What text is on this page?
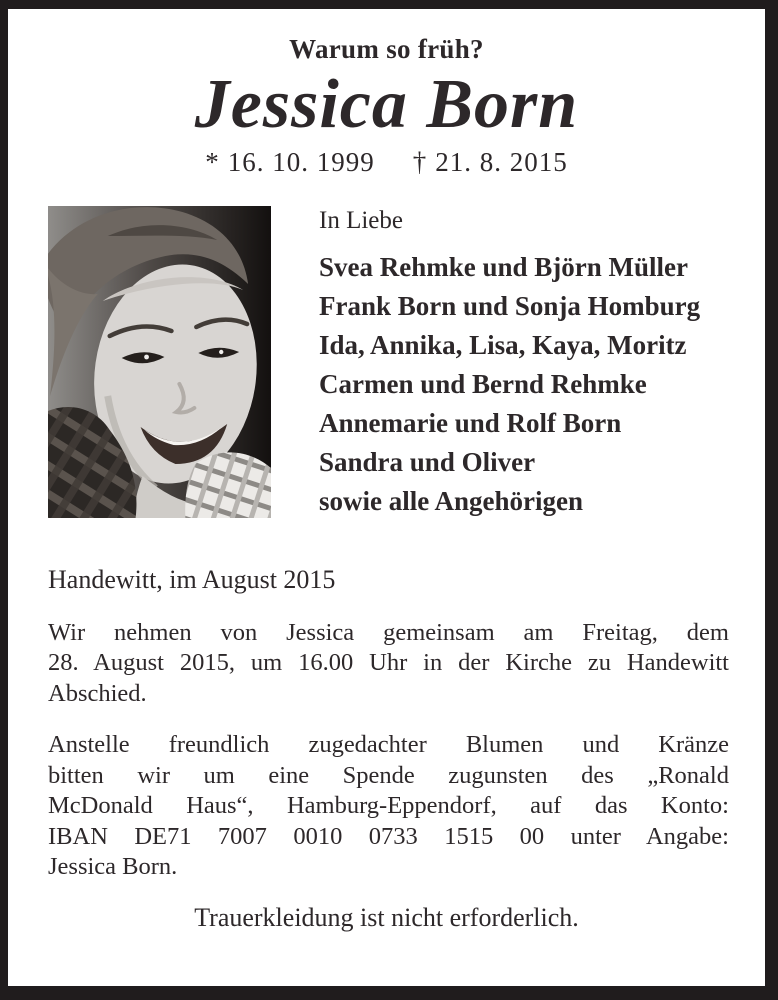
Warum so früh?
Jessica Born
* 16. 10. 1999 † 21. 8. 2015
In Liebe
Svea Rehmke und Björn Müller
Frank Born und Sonja Homburg
Ida, Annika, Lisa, Kaya, Moritz
Carmen und Bernd Rehmke
Annemarie und Rolf Born
Sandra und Oliver
sowie alle Angehörigen
Handewitt, im August 2015
Wir nehmen von Jessica gemeinsam am Freitag, dem
28. August 2015, um 16.00 Uhr in der Kirche zu Handewitt
Abschied.
Anstelle freundlich zugedachter Blumen und Kränze
bitten wir um eine Spende zugunsten des „Ronald
McDonald Haus“, Hamburg-Eppendorf, auf das Konto:
IBAN DE71 7007 0010 0733 1515 00 unter Angabe:
Jessica Born.
Trauerkleidung ist nicht erforderlich.
